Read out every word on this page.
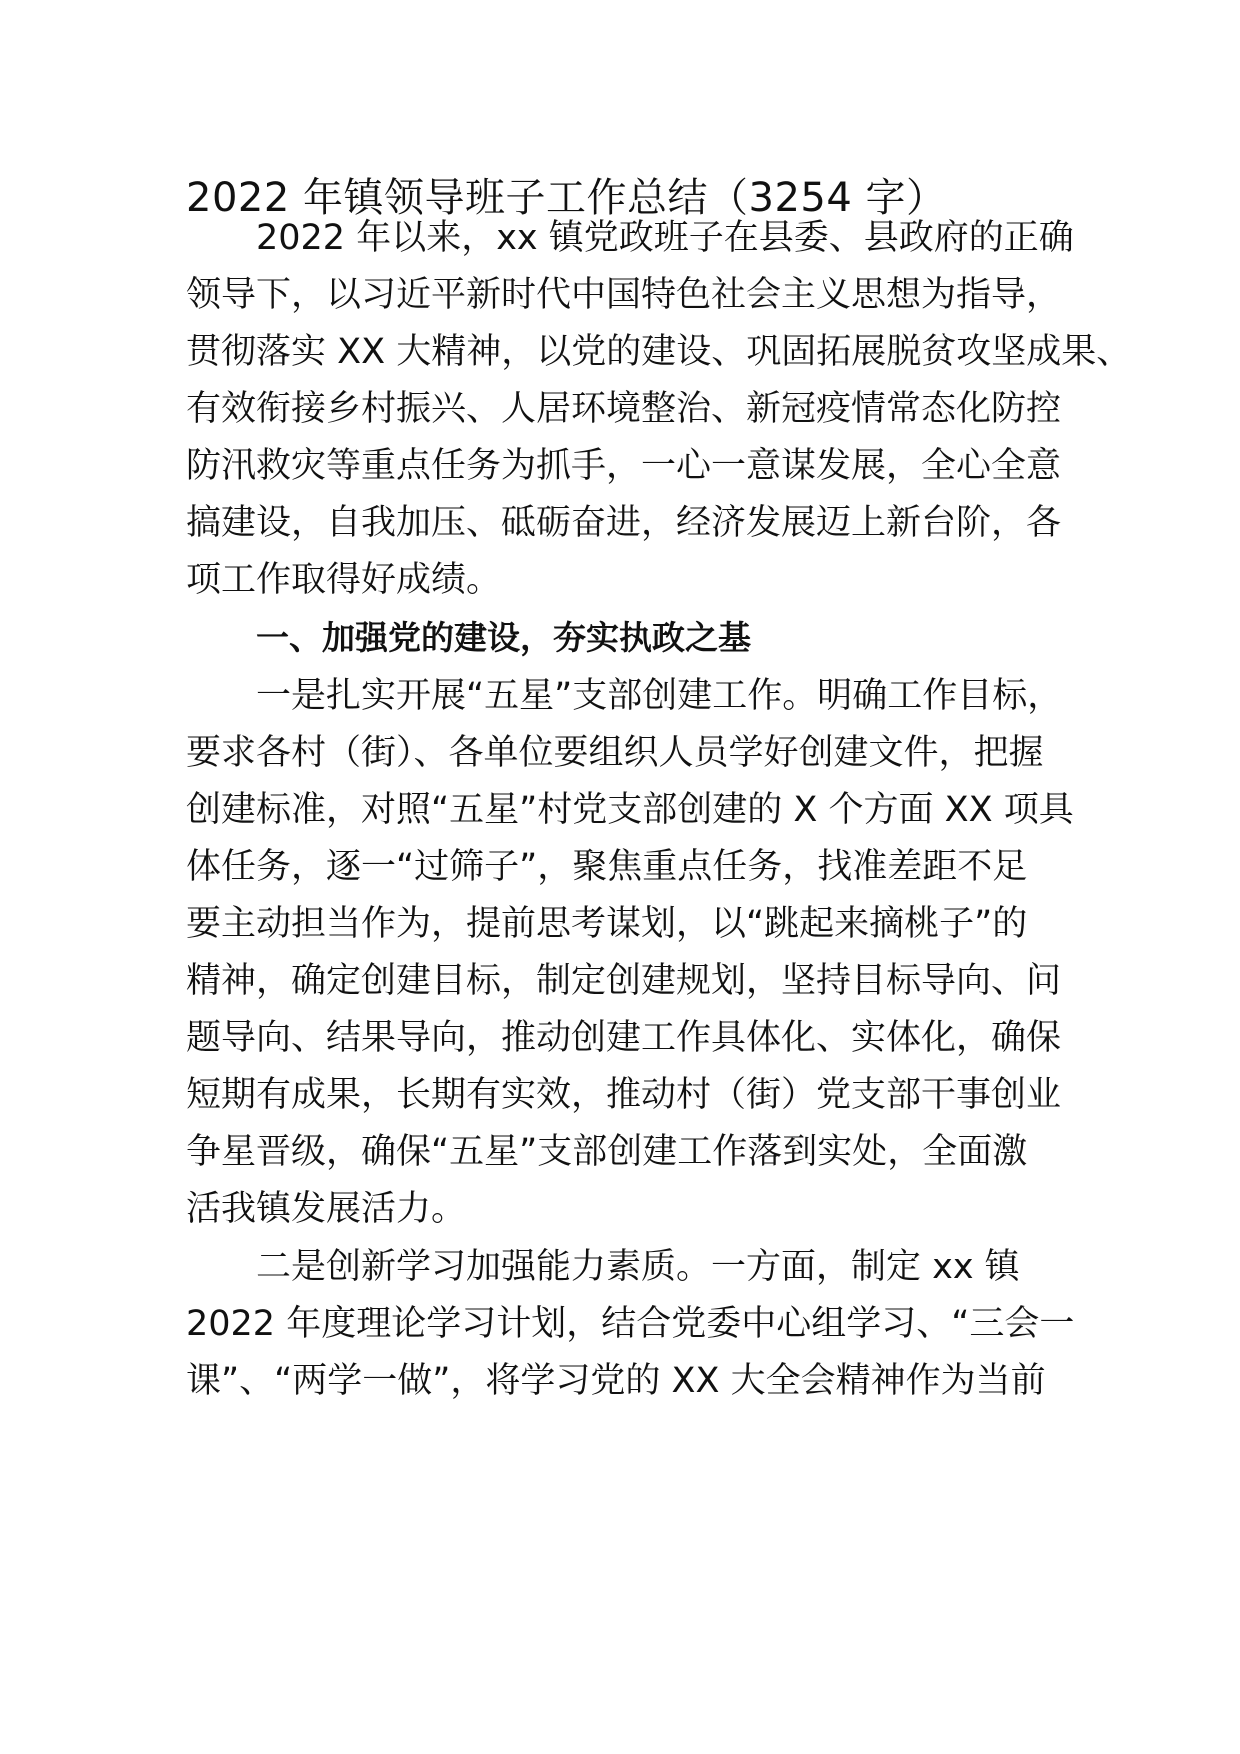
2022 年镇领导班子工作总结（3254 字）

2022 年以来，xx 镇党政班子在县委、县政府的正确

领导下，以习近平新时代中国特色社会主义思想为指导，

贯彻落实 XX 大精神，以党的建设、巩固拓展脱贫攻坚成果、

有效衔接乡村振兴、人居环境整治、新冠疫情常态化防控

防汛救灾等重点任务为抓手，一心一意谋发展，全心全意

搞建设，自我加压、砥砺奋进，经济发展迈上新台阶，各

项工作取得好成绩。

一、加强党的建设，夯实执政之基

一是扎实开展“五星”支部创建工作。明确工作目标，

要求各村（街）、各单位要组织人员学好创建文件，把握

创建标准，对照“五星”村党支部创建的 X 个方面 XX 项具

体任务，逐一“过筛子”，聚焦重点任务，找准差距不足

要主动担当作为，提前思考谋划，以“跳起来摘桃子”的

精神，确定创建目标，制定创建规划，坚持目标导向、问

题导向、结果导向，推动创建工作具体化、实体化，确保

短期有成果，长期有实效，推动村（街）党支部干事创业

争星晋级，确保“五星”支部创建工作落到实处，全面激

活我镇发展活力。

二是创新学习加强能力素质。一方面，制定 xx 镇

2022 年度理论学习计划，结合党委中心组学习、“三会一

课”、“两学一做”，将学习党的 XX 大全会精神作为当前
